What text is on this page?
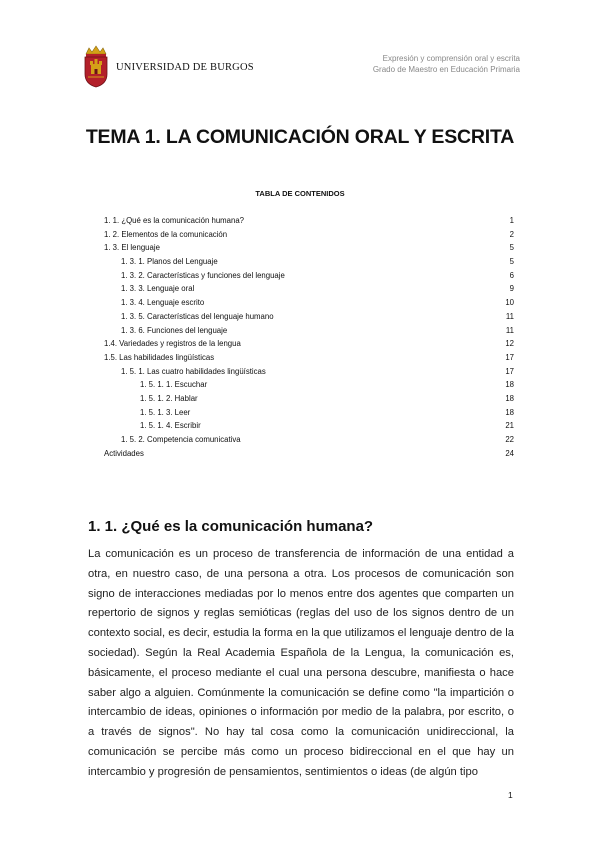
UNIVERSIDAD DE BURGOS
Expresión y comprensión oral y escrita
Grado de Maestro en Educación Primaria
TEMA 1. LA COMUNICACIÓN ORAL Y ESCRITA
TABLA DE CONTENIDOS
1. 1. ¿Qué es la comunicación humana?	1
1. 2. Elementos de la comunicación	2
1. 3. El lenguaje	5
1. 3. 1. Planos del Lenguaje	5
1. 3. 2. Características y funciones del lenguaje	6
1. 3. 3. Lenguaje oral	9
1. 3. 4. Lenguaje escrito	10
1. 3. 5. Características del lenguaje humano	11
1. 3. 6. Funciones del lenguaje	11
1.4. Variedades y registros de la lengua	12
1.5. Las habilidades lingüísticas	17
1. 5. 1. Las cuatro habilidades lingüísticas	17
1. 5. 1. 1. Escuchar	18
1. 5. 1. 2. Hablar	18
1. 5. 1. 3. Leer	18
1. 5. 1. 4. Escribir	21
1. 5. 2. Competencia comunicativa	22
Actividades	24
1. 1. ¿Qué es la comunicación humana?
La comunicación es un proceso de transferencia de información de una entidad a otra, en nuestro caso, de una persona a otra. Los procesos de comunicación son signo de interacciones mediadas por lo menos entre dos agentes que comparten un repertorio de signos y reglas semióticas (reglas del uso de los signos dentro de un contexto social, es decir, estudia la forma en la que utilizamos el lenguaje dentro de la sociedad). Según la Real Academia Española de la Lengua, la comunicación es, básicamente, el proceso mediante el cual una persona descubre, manifiesta o hace saber algo a alguien. Comúnmente la comunicación se define como "la impartición o intercambio de ideas, opiniones o información por medio de la palabra, por escrito, o a través de signos". No hay tal cosa como la comunicación unidireccional, la comunicación se percibe más como un proceso bidireccional en el que hay un intercambio y progresión de pensamientos, sentimientos o ideas (de algún tipo
1
